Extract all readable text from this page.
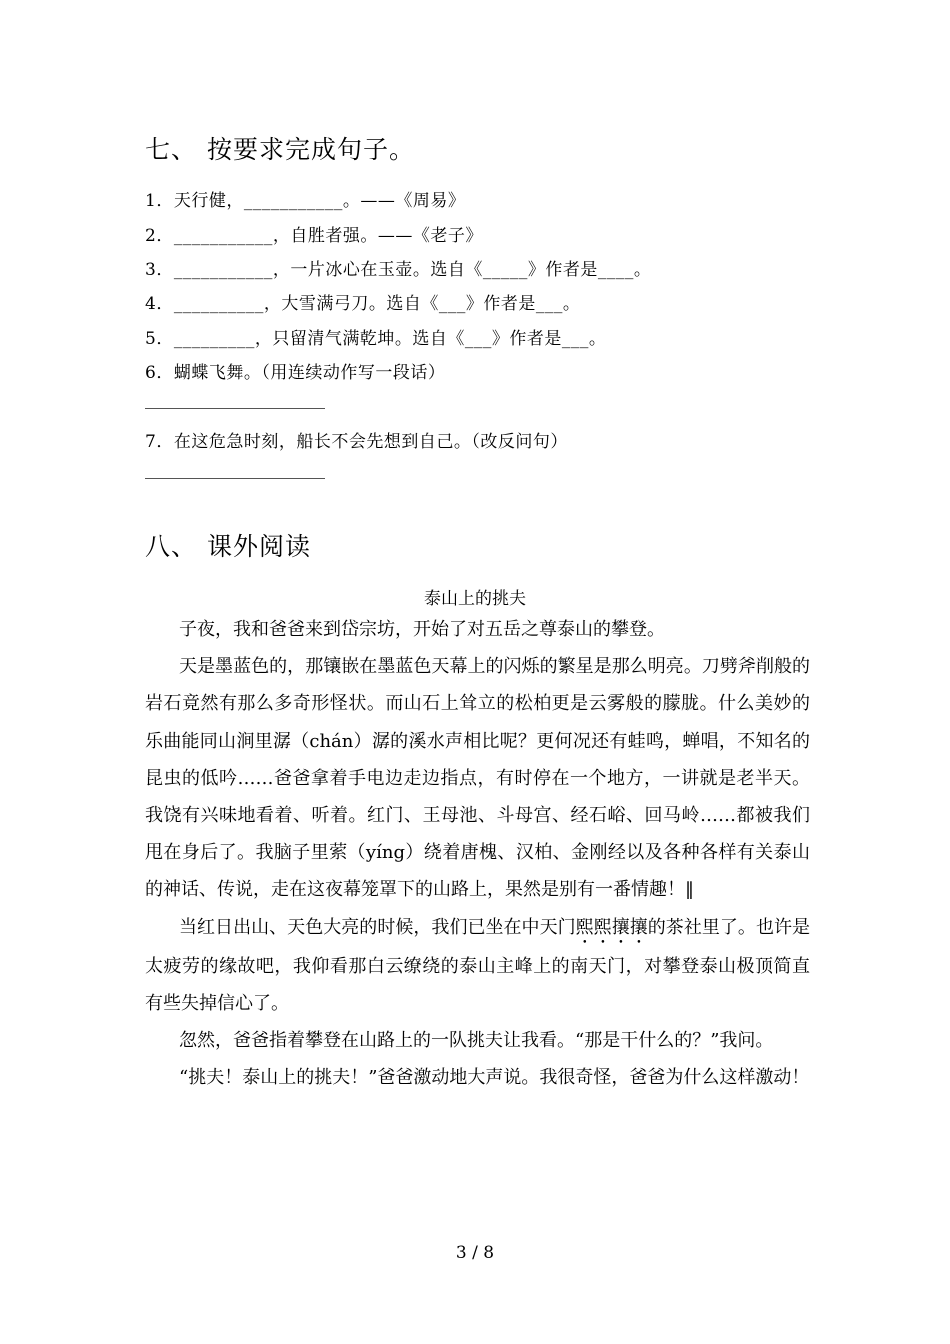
七、 按要求完成句子。
1．天行健，___________。——《周易》
2．___________，自胜者强。——《老子》
3．___________，一片冰心在玉壶。选自《_____》作者是____。
4．__________，大雪满弓刀。选自《___》作者是___。
5．_________，只留清气满乾坤。选自《___》作者是___。
6．蝴蝶飞舞。（用连续动作写一段话）
7．在这危急时刻，船长不会先想到自己。（改反问句）
八、 课外阅读
泰山上的挑夫

子夜，我和爸爸来到岱宗坊，开始了对五岳之尊泰山的攀登。

天是墨蓝色的，那镶嵌在墨蓝色天幕上的闪烁的繁星是那么明亮。刀劈斧削般的岩石竟然有那么多奇形怪状。而山石上耸立的松柏更是云雾般的朦胧。什么美妙的乐曲能同山涧里潺（chán）潺的溪水声相比呢？更何况还有蛙鸣，蝉唱，不知名的昆虫的低吟……爸爸拿着手电边走边指点，有时停在一个地方，一讲就是老半天。我饶有兴味地看着、听着。红门、王母池、斗母宫、经石峪、回马岭……都被我们甩在身后了。我脑子里萦（yíng）绕着唐槐、汉柏、金刚经以及各种各样有关泰山的神话、传说，走在这夜幕笼罩下的山路上，果然是别有一番情趣！‖

当红日出山、天色大亮的时候，我们已坐在中天门熙熙攘攘的茶社里了。也许是太疲劳的缘故吧，我仰看那白云缭绕的泰山主峰上的南天门，对攀登泰山极顶简直有些失掉信心了。

忽然，爸爸指着攀登在山路上的一队挑夫让我看。“那是干什么的？”我问。

“挑夫！泰山上的挑夫！”爸爸激动地大声说。我很奇怪，爸爸为什么这样激动！

3 / 8
